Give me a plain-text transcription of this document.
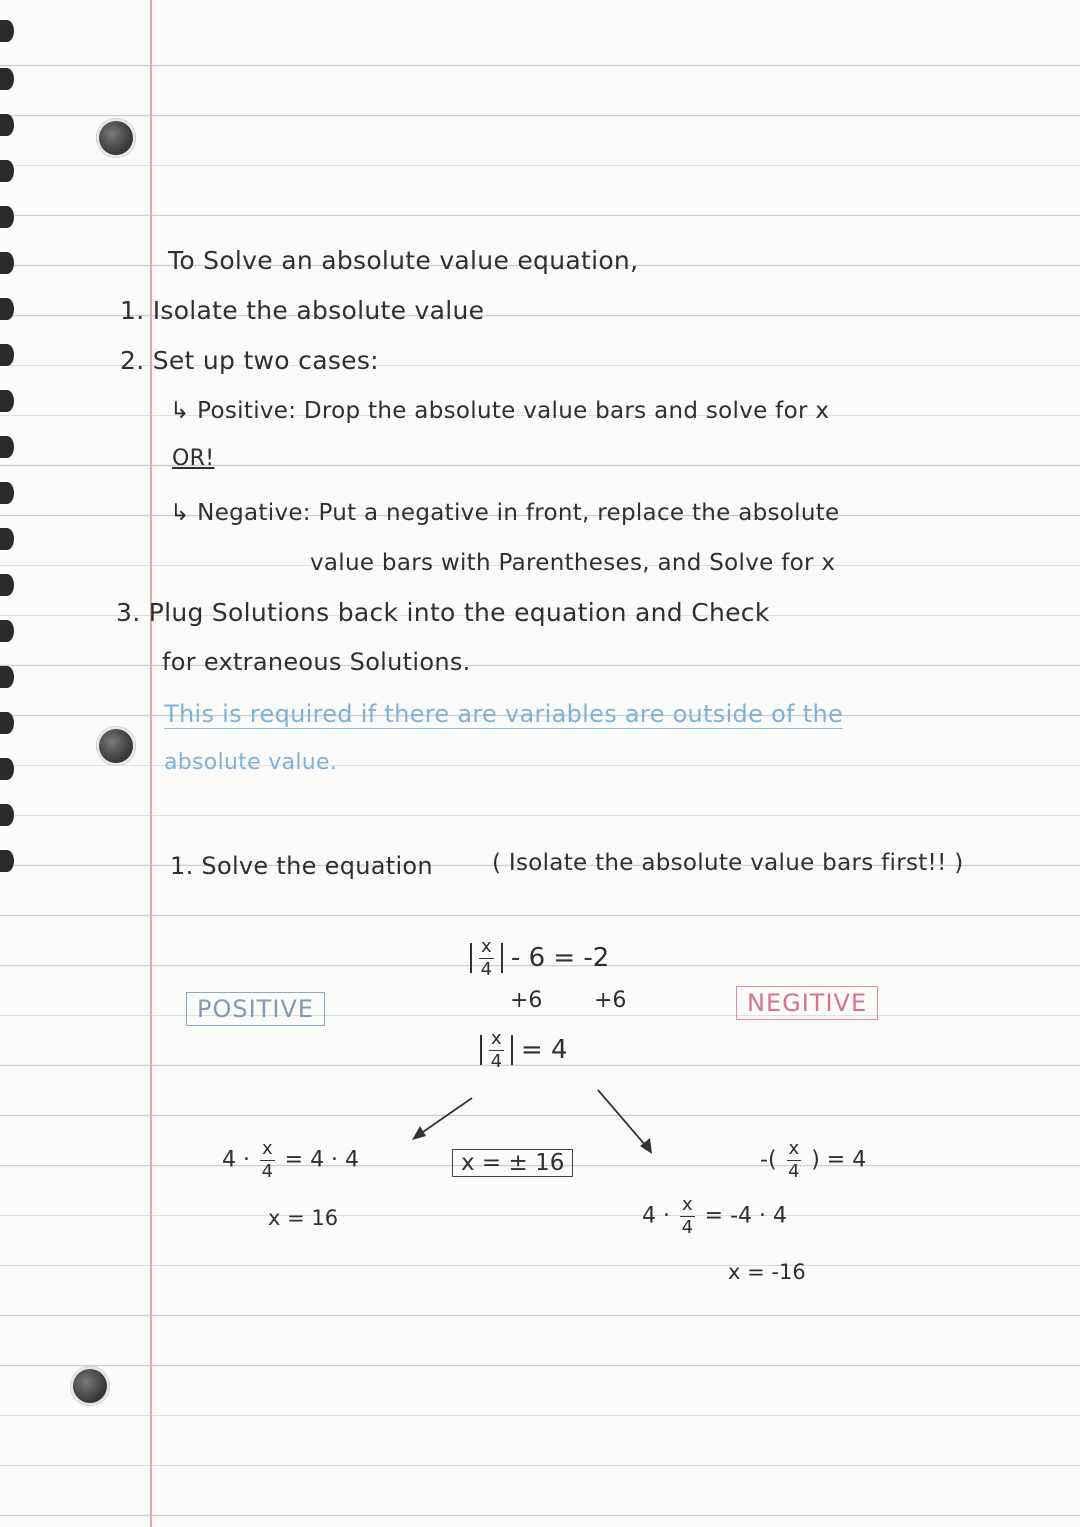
To Solve an absolute value equation,
1. Isolate the absolute value
2. Set up two cases:
↳ Positive: Drop the absolute value bars and solve for x
OR!
↳ Negative: Put a negative in front, replace the absolute
value bars with Parentheses, and Solve for x
3. Plug Solutions back into the equation and Check
for extraneous Solutions.
This is required if there are variables are outside of the
absolute value.
1. Solve the equation	( Isolate the absolute value bars first!! )
$\frac{x}{4} - 6 = -2$
+6 +6
$\frac{x}{4} = 4$
POSITIVE	NEGITIVE
x = ± 16
$4 \cdot \frac{x}{4} = 4 \cdot 4$
x = 16
-( $\frac{x}{4}$ ) = 4
$4 \cdot \frac{x}{4} = -4 \cdot 4$
x = -16
